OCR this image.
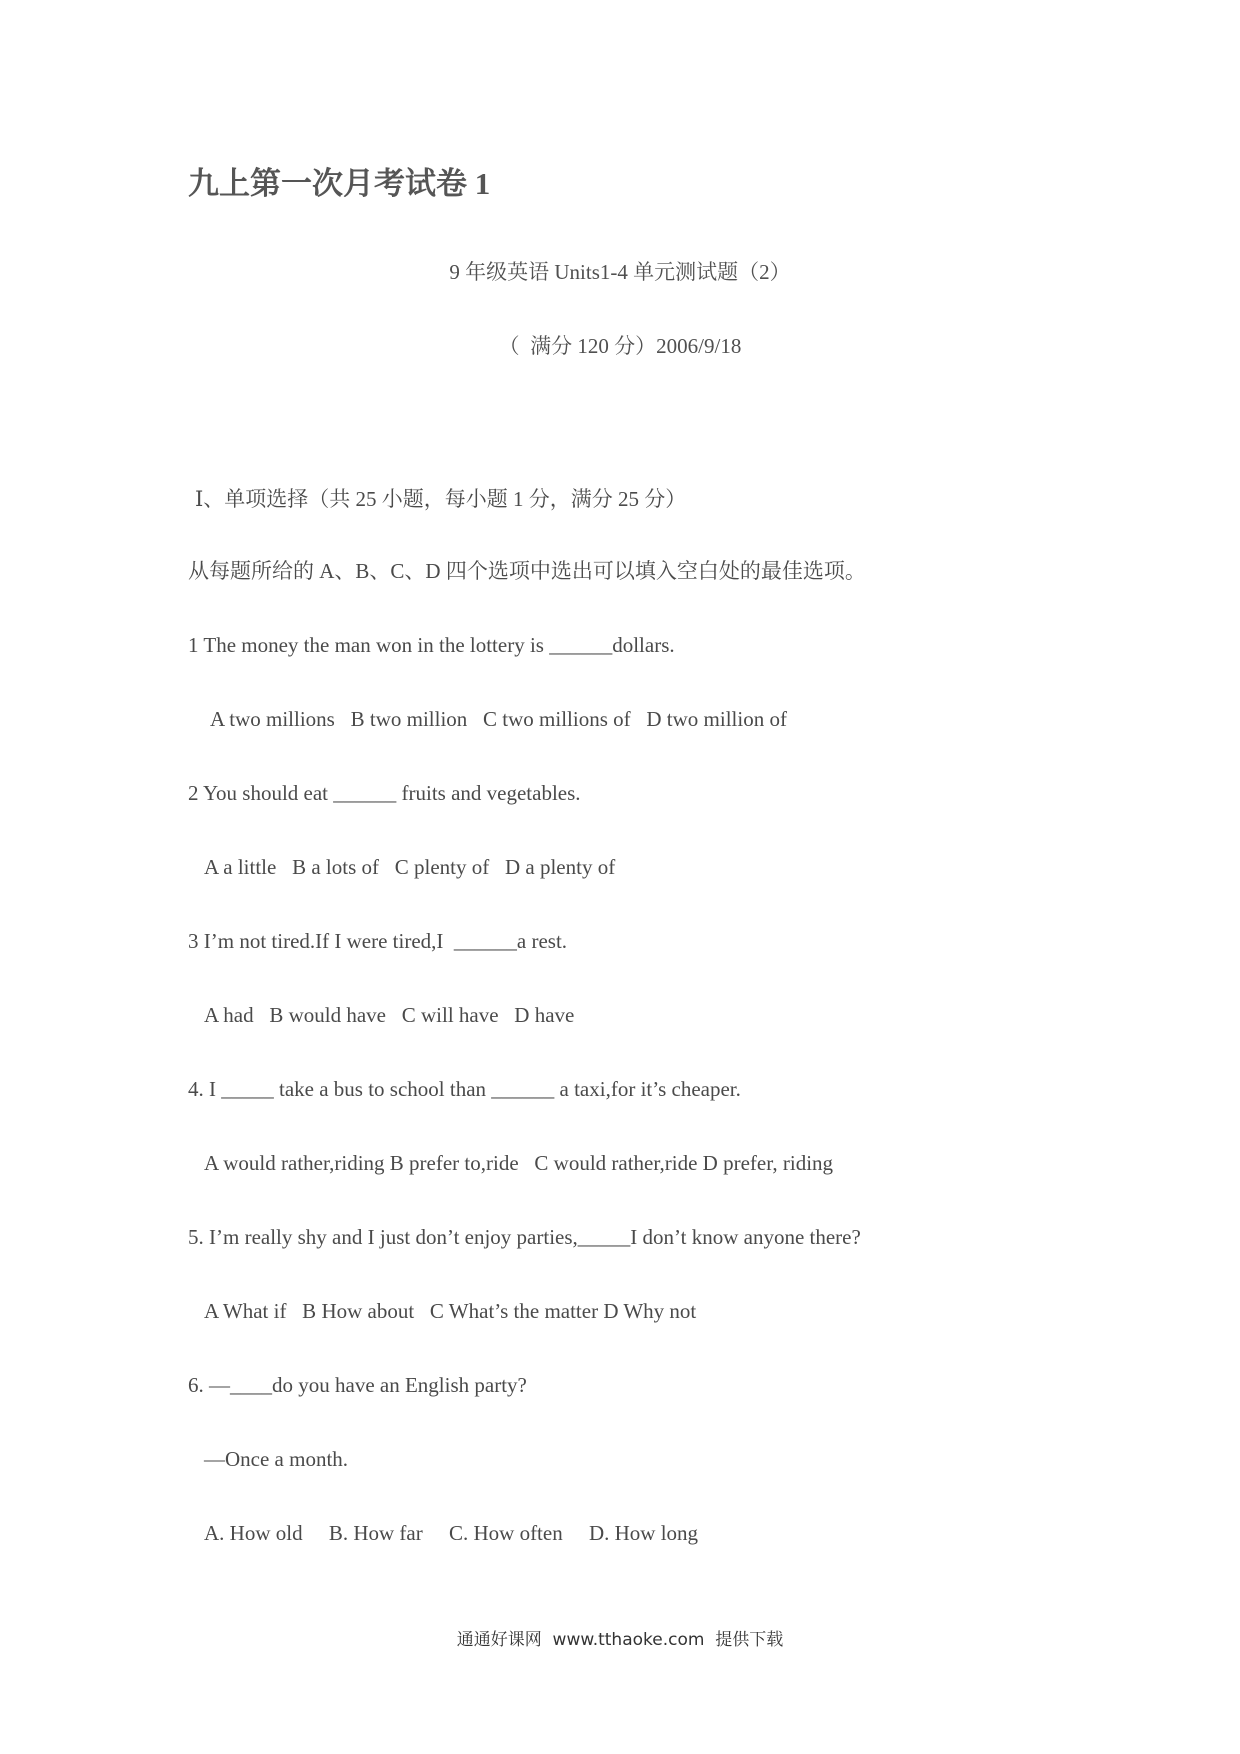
九上第一次月考试卷 1
9 年级英语 Units1-4 单元测试题（2）
（  满分 120 分）2006/9/18
Ⅰ、单项选择（共 25 小题，每小题 1 分，满分 25 分）
从每题所给的 A、B、C、D 四个选项中选出可以填入空白处的最佳选项。
1 The money the man won in the lottery is ______dollars.
A two millions   B two million   C two millions of   D two million of
2 You should eat ______ fruits and vegetables.
A a little   B a lots of   C plenty of   D a plenty of
3 I’m not tired.If I were tired,I  ______a rest.
A had   B would have   C will have   D have
4. I _____ take a bus to school than ______ a taxi,for it’s cheaper.
A would rather,riding B prefer to,ride   C would rather,ride D prefer, riding
5. I’m really shy and I just don’t enjoy parties,_____I don’t know anyone there?
A What if   B How about   C What’s the matter D Why not
6. —____do you have an English party?
—Once a month.
A. How old     B. How far     C. How often     D. How long
通通好课网  www.tthaoke.com  提供下载
